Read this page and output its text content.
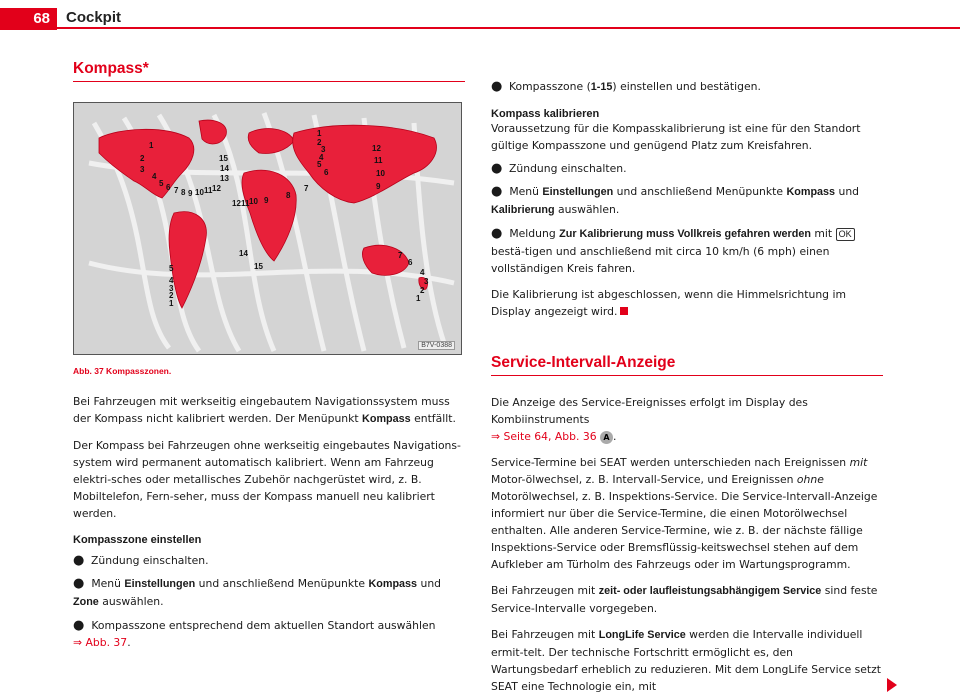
68	Cockpit
Kompass*
1
2
3
4
5
6
7
8
9
12
11
10
9
1
2
3
4
5 6 7 8 9 10 11 12
15
14
13
12 11 10
14
15
5
4
3
2
1
7
6
4
3
2
1
B7V-0388
Abb. 37 Kompasszonen.

Bei Fahrzeugen mit werkseitig eingebautem Navigationssystem muss der Kompass nicht kalibriert werden. Der Menüpunkt Kompass entfällt.

Der Kompass bei Fahrzeugen ohne werkseitig eingebautes Navigations-system wird permanent automatisch kalibriert. Wenn am Fahrzeug elektri-sches oder metallisches Zubehör nachgerüstet wird, z. B. Mobiltelefon, Fern-seher, muss der Kompass manuell neu kalibriert werden.

Kompasszone einstellen
● Zündung einschalten.
● Menü Einstellungen und anschließend Menüpunkte Kompass und Zone auswählen.
● Kompasszone entsprechend dem aktuellen Standort auswählen
⇒ Abb. 37.
● Kompasszone (1-15) einstellen und bestätigen.
Kompass kalibrieren

Voraussetzung für die Kompasskalibrierung ist eine für den Standort gültige Kompasszone und genügend Platz zum Kreisfahren.

● Zündung einschalten.
● Menü Einstellungen und anschließend Menüpunkte Kompass und Kalibrierung auswählen.
● Meldung Zur Kalibrierung muss Vollkreis gefahren werden mit OK bestä-tigen und anschließend mit circa 10 km/h (6 mph) einen vollständigen Kreis fahren.

Die Kalibrierung ist abgeschlossen, wenn die Himmelsrichtung im Display angezeigt wird.

Service-Intervall-Anzeige

Die Anzeige des Service-Ereignisses erfolgt im Display des Kombiinstruments
⇒ Seite 64, Abb. 36 A .

Service-Termine bei SEAT werden unterschieden nach Ereignissen mit Motor-ölwechsel, z. B. Intervall-Service, und Ereignissen ohne Motorölwechsel, z. B. Inspektions-Service. Die Service-Intervall-Anzeige informiert nur über die Service-Termine, die einen Motorölwechsel enthalten. Alle anderen Service-Termine, wie z. B. der nächste fällige Inspektions-Service oder Bremsflüssig-keitswechsel stehen auf dem Aufkleber am Türholm des Fahrzeugs oder im Wartungsprogramm.

Bei Fahrzeugen mit zeit- oder laufleistungsabhängigem Service sind feste Service-Intervalle vorgegeben.

Bei Fahrzeugen mit LongLife Service werden die Intervalle individuell ermit-telt. Der technische Fortschritt ermöglicht es, den Wartungsbedarf erheblich zu reduzieren. Mit dem LongLife Service setzt SEAT eine Technologie ein, mit
